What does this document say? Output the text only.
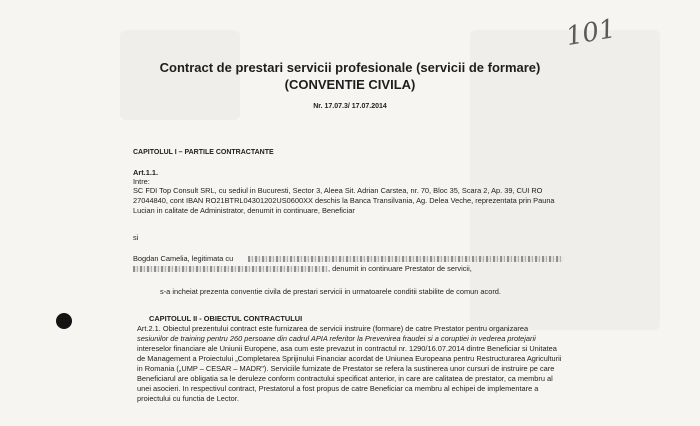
101
Contract de prestari servicii profesionale (servicii de formare)
(CONVENTIE CIVILA)
Nr. 17.07.3/ 17.07.2014
CAPITOLUL I – PARTILE CONTRACTANTE
Art.1.1.
Intre:
SC FDI Top Consult SRL, cu sediul in Bucuresti, Sector 3, Aleea Sit. Adrian Carstea, nr. 70, Bloc 35, Scara 2, Ap. 39, CUI RO
27044840, cont IBAN RO21BTRL04301202US0600XX deschis la Banca Transilvania, Ag. Delea Veche, reprezentata prin Pauna
Lucian in calitate de Administrator, denumit in continuare, Beneficiar
si
Bogdan Camelia, legitimata cu
, denumit in continuare Prestator de servicii,
s-a incheiat prezenta conventie civila de prestari servicii in urmatoarele conditii stabilite de comun acord.
CAPITOLUL II - OBIECTUL CONTRACTULUI
Art.2.1. Obiectul prezentului contract este furnizarea de servicii instruire (formare) de catre Prestator pentru organizarea
sesiunilor de training pentru 260 persoane din cadrul APIA referitor la Prevenirea fraudei si a coruptiei in vederea protejarii
intereselor financiare ale Uniunii Europene, asa cum este prevazut in contractul nr. 1290/16.07.2014 dintre Beneficiar si Unitatea
de Management a Proiectului „Completarea Sprijinului Financiar acordat de Uniunea Europeana pentru Restructurarea Agriculturii
in Romania („UMP – CESAR – MADR"). Serviciile furnizate de Prestator se refera la sustinerea unor cursuri de instruire pe care
Beneficiarul are obligatia sa le deruleze conform contractului specificat anterior, in care are calitatea de prestator, ca membru al
unei asocieri. In respectivul contract, Prestatorul a fost propus de catre Beneficiar ca membru al echipei de implementare a
proiectului cu functia de Lector.
